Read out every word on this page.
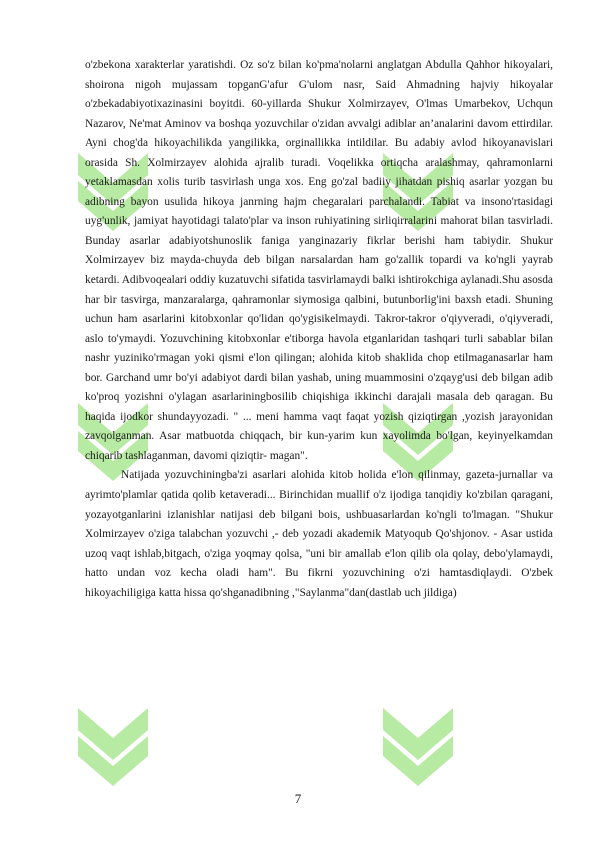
o'zbekona xarakterlar yaratishdi. Oz so'z bilan ko'pma'nolarni anglatgan Abdulla Qahhor hikoyalari, shoirona nigoh mujassam topganG'afur G'ulom nasr, Said Ahmadning hajviy hikoyalar o'zbekadabiyotixazinasini boyitdi. 60-yillarda Shukur Xolmirzayev, O'lmas Umarbekov, Uchqun Nazarov, Ne'mat Aminov va boshqa yozuvchilar o'zidan avvalgi adiblar an’analarini davom ettirdilar. Ayni chog'da hikoyachilikda yangilikka, orginallikka intildilar. Bu adabiy avlod hikoyanavislari orasida Sh. Xolmirzayev alohida ajralib turadi. Voqelikka ortiqcha aralashmay, qahramonlarni yetaklamasdan xolis turib tasvirlash unga xos. Eng go'zal badiiy jihatdan pishiq asarlar yozgan bu adibning bayon usulida hikoya janrning hajm chegaralari parchalandi. Tabiat va insono'rtasidagi uyg'unlik, jamiyat hayotidagi talato'plar va inson ruhiyatining sirliqirralarini mahorat bilan tasvirladi. Bunday asarlar adabiyotshunoslik faniga yanginazariy fikrlar berishi ham tabiydir. Shukur Xolmirzayev biz mayda-chuyda deb bilgan narsalardan ham go'zallik topardi va ko'ngli yayrab ketardi. Adibvoqealari oddiy kuzatuvchi sifatida tasvirlamaydi balki ishtirokchiga aylanadi.Shu asosda har bir tasvirga, manzaralarga, qahramonlar siymosiga qalbini, butunborlig'ini baxsh etadi. Shuning uchun ham asarlarini kitobxonlar qo'lidan qo'ygisikelmaydi. Takror-takror o'qiyveradi, o'qiyveradi, aslo to'ymaydi. Yozuvchining kitobxonlar e'tiborga havola etganlaridan tashqari turli sabablar bilan nashr yuziniko'rmagan yoki qismi e'lon qilingan; alohida kitob shaklida chop etilmaganasarlar ham bor. Garchand umr bo'yi adabiyot dardi bilan yashab, uning muammosini o'zqayg'usi deb bilgan adib ko'proq yozishni o'ylagan asarlariningbosilib chiqishiga ikkinchi darajali masala deb qaragan. Bu haqida ijodkor shundayyozadi. " ... meni hamma vaqt faqat yozish qiziqtirgan ,yozish jarayonidan zavqolganman. Asar matbuotda chiqqach, bir kun-yarim kun xayolimda bo'lgan, keyinyelkamdan chiqarib tashlaganman, davomi qiziqtir- magan".

Natijada yozuvchiningba'zi asarlari alohida kitob holida e'lon qilinmay, gazeta-jurnallar va ayrimto'plamlar qatida qolib ketaveradi... Birinchidan muallif o'z ijodiga tanqidiy ko'zbilan qaragani, yozayotganlarini izlanishlar natijasi deb bilgani bois, ushbuasarlardan ko'ngli to'lmagan. "Shukur Xolmirzayev o'ziga talabchan yozuvchi ,- deb yozadi akademik Matyoqub Qo'shjonov. - Asar ustida uzoq vaqt ishlab,bitgach, o'ziga yoqmay qolsa, "uni bir amallab e'lon qilib ola qolay, debo'ylamaydi, hatto undan voz kecha oladi ham". Bu fikrni yozuvchining o'zi hamtasdiqlaydi. O'zbek hikoyachiligiga katta hissa qo'shganadibning ,"Saylanma"dan(dastlab uch jildiga)

7
